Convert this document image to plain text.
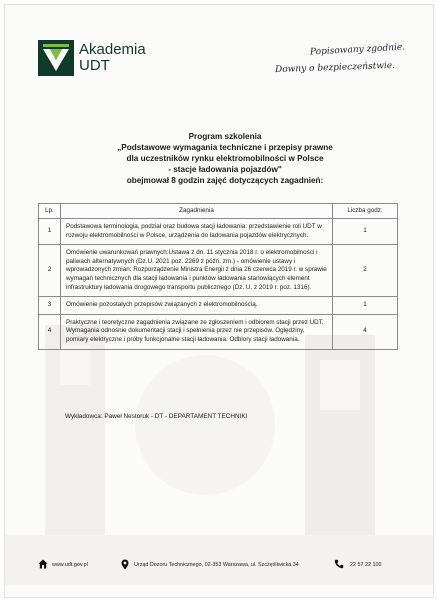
Akademia
UDT
Popisowany zgodnie.
Downy o bezpieczeństwie.
Program szkolenia
„Podstawowe wymagania techniczne i przepisy prawne
dla uczestników rynku elektromobilności w Polsce
- stacje ładowania pojazdów"
obejmował 8 godzin zajęć dotyczących zagadnień:
Lp.	Zagadnienia	Liczba godz.
1	Podstawowa terminologia, podział oraz budowa stacji ładowania: przedstawienie roli UDT w rozwoju elektromobilności w Polsce, urządzenia do ładowania pojazdów elektrycznych.	1
2	Omówienie uwarunkowań prawnych:Ustawa z dn. 11 stycznia 2018 r. o elektromobilności i paliwach alternatywnych (Dz.U. 2021 poz. 2269 z późn. zm.) - omówienie ustawy i wprowadzonych zmian: Rozporządzenie Ministra Energii z dnia 26 czerwca 2019 r. w sprawie wymagań technicznych dla stacji ładowania i punktów ładowania stanowiących element infrastruktury ładowania drogowego transportu publicznego (Dz. U. z 2019 r. poz. 1316).	2
3	Omówienie pozostałych przepisów związanych z elektromobilnością.	1
4	Praktyczne i teoretyczne zagadnienia związane ze zgłoszeniem i odbiorem stacji przez UDT. Wymagania odnośnie dokumentacji stacji i spełnienia przez nie przepisów. Oględziny, pomiary elektryczne i próby funkcjonalne stacji ładowania. Odbiory stacji ładowania.	4
Wykładowca: Paweł Nestoruk - DT - DEPARTAMENT TECHNIKI
www.udt.gov.pl	Urząd Dozoru Technicznego, 02-353 Warszawa, ul. Szczęśliwicka 34	22 57 22 100
